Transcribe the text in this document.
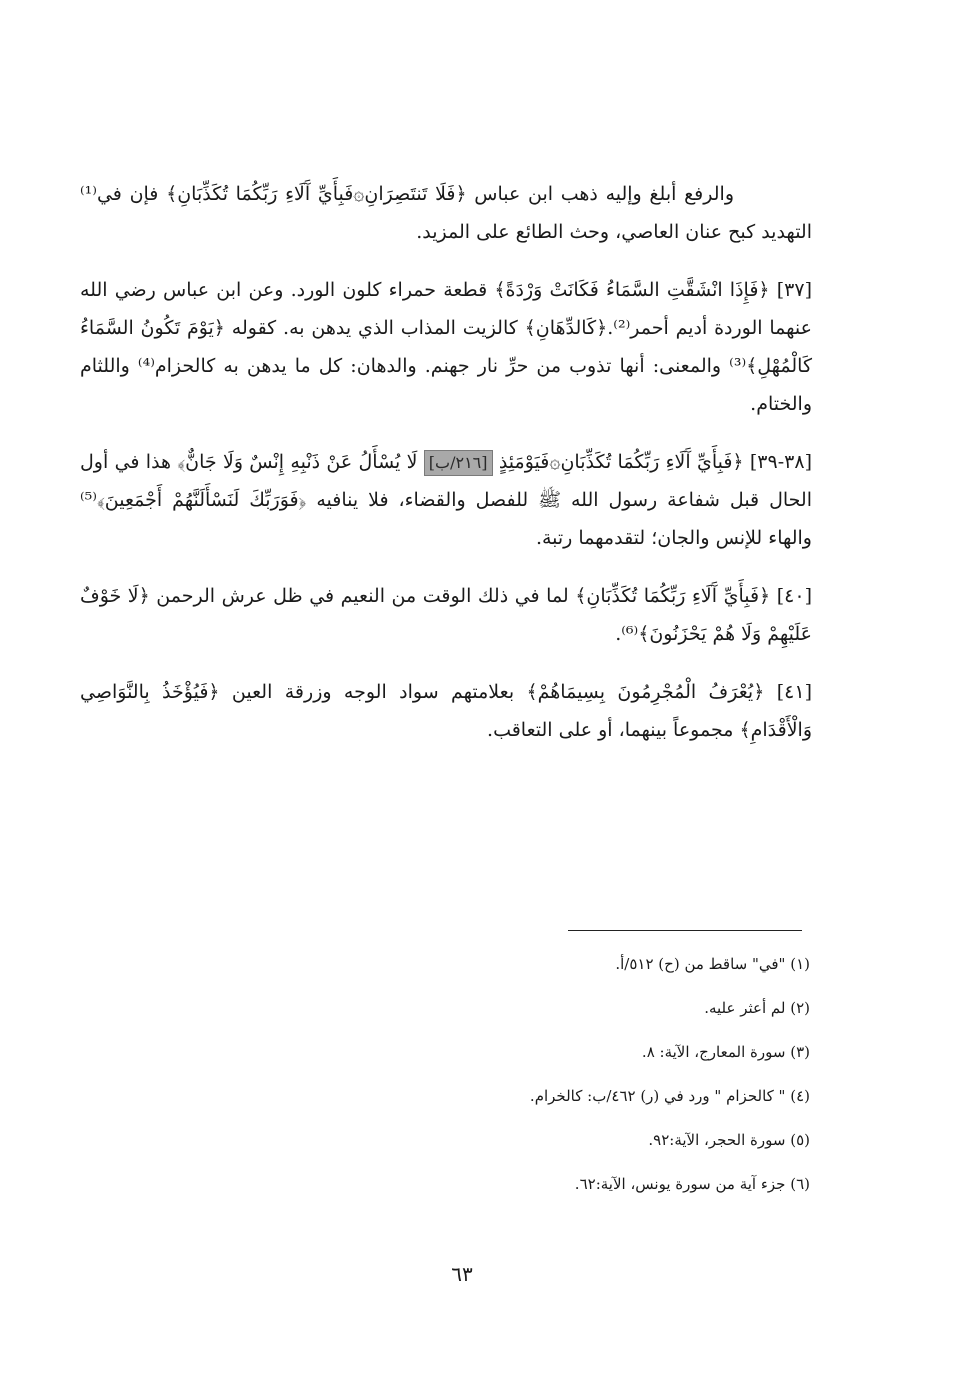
والرفع أبلغ وإليه ذهب ابن عباس ﴿فَلَا تَنتَصِرَانِ۞فَبِأَيِّ آَلَاءِ رَبِّكُمَا تُكَذِّبَانِ﴾ فإن في⁽¹⁾ التهديد كبح عنان العاصي، وحث الطائع على المزيد.

[٣٧] ﴿فَإِذَا انْشَقَّتِ السَّمَاءُ فَكَانَتْ وَرْدَةً﴾ قطعة حمراء كلون الورد. وعن ابن عباس رضي الله عنهما الوردة أديم أحمر⁽²⁾.﴿كَالدِّهَانِ﴾ كالزيت المذاب الذي يدهن به. كقوله ﴿يَوْمَ تَكُونُ السَّمَاءُ كَالْمُهْلِ﴾⁽³⁾ والمعنى: أنها تذوب من حرِّ نار جهنم. والدهان: كل ما يدهن به كالحزام⁽⁴⁾ واللثام والختام.

[٣٨-٣٩] ﴿فَبِأَيِّ آَلَاءِ رَبِّكُمَا تُكَذِّبَانِ۞فَيَوْمَئِذٍ [٢١٦/ب] لَا يُسْأَلُ عَنْ ذَنْبِهِ إِنْسٌ وَلَا جَانٌّ﴾ هذا في أول الحال قبل شفاعة رسول الله ﷺ للفصل والقضاء، فلا ينافيه ﴿فَوَرَبِّكَ لَنَسْأَلَنَّهُمْ أَجْمَعِينَ﴾⁽⁵⁾ والهاء للإنس والجان؛ لتقدمهما رتبة.

[٤٠] ﴿فَبِأَيِّ آَلَاءِ رَبِّكُمَا تُكَذِّبَانِ﴾ لما في ذلك الوقت من النعيم في ظل عرش الرحمن ﴿لَا خَوْفٌ عَلَيْهِمْ وَلَا هُمْ يَحْزَنُونَ﴾⁽⁶⁾.

[٤١] ﴿يُعْرَفُ الْمُجْرِمُونَ بِسِيمَاهُمْ﴾ بعلامتهم سواد الوجه وزرقة العين ﴿فَيُؤْخَذُ بِالنَّوَاصِي وَالْأَقْدَامِ﴾ مجموعاً بينهما، أو على التعاقب.

(١) "في" ساقط من (ح) ٥١٢/أ.
(٢) لم أعثر عليه.
(٣) سورة المعارج، الآية: ٨.
(٤) " كالحزام " ورد في (ر) ٤٦٢/ب: كالخرام.
(٥) سورة الحجر، الآية:٩٢.
(٦) جزء آية من سورة يونس، الآية:٦٢.
٦٣
